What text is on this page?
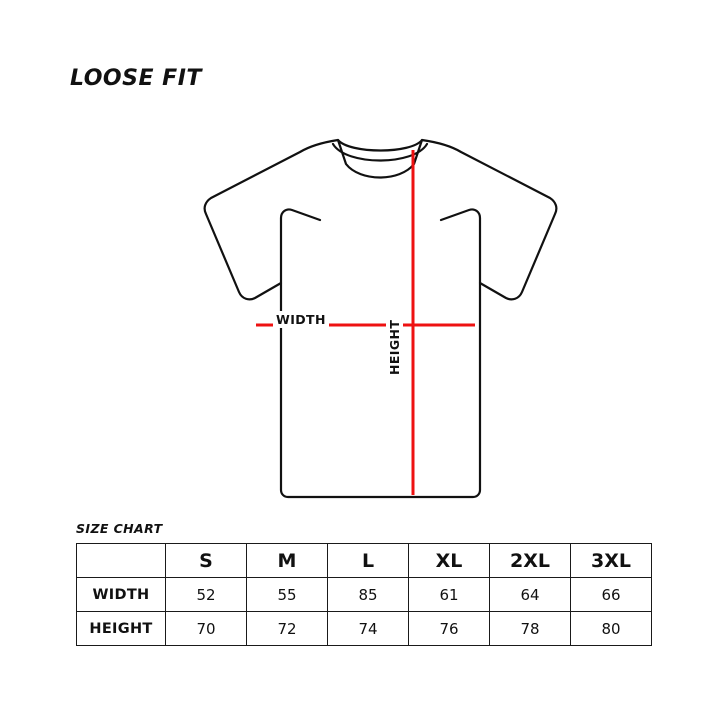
LOOSE FIT
WIDTH
HEIGHT
SIZE CHART
	S	M	L	XL	2XL	3XL
WIDTH	52	55	85	61	64	66
HEIGHT	70	72	74	76	78	80
